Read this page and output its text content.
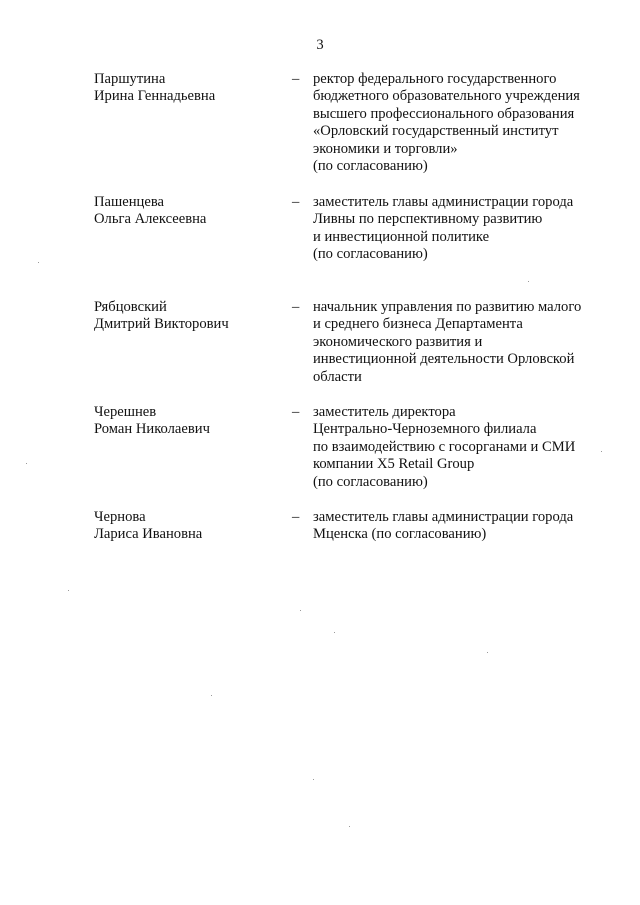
3
Паршутина
Ирина Геннадьевна
– ректор федерального государственного
бюджетного образовательного учреждения
высшего профессионального образования
«Орловский государственный институт
экономики и торговли»
(по согласованию)
Пашенцева
Ольга Алексеевна
– заместитель главы администрации города
Ливны по перспективному развитию
и инвестиционной политике
(по согласованию)
Рябцовский
Дмитрий Викторович
– начальник управления по развитию малого
и среднего бизнеса Департамента
экономического развития и
инвестиционной деятельности Орловской
области
Черешнев
Роман Николаевич
– заместитель директора
Центрально-Черноземного филиала
по взаимодействию с госорганами и СМИ
компании X5 Retail Group
(по согласованию)
Чернова
Лариса Ивановна
– заместитель главы администрации города
Мценска (по согласованию)
